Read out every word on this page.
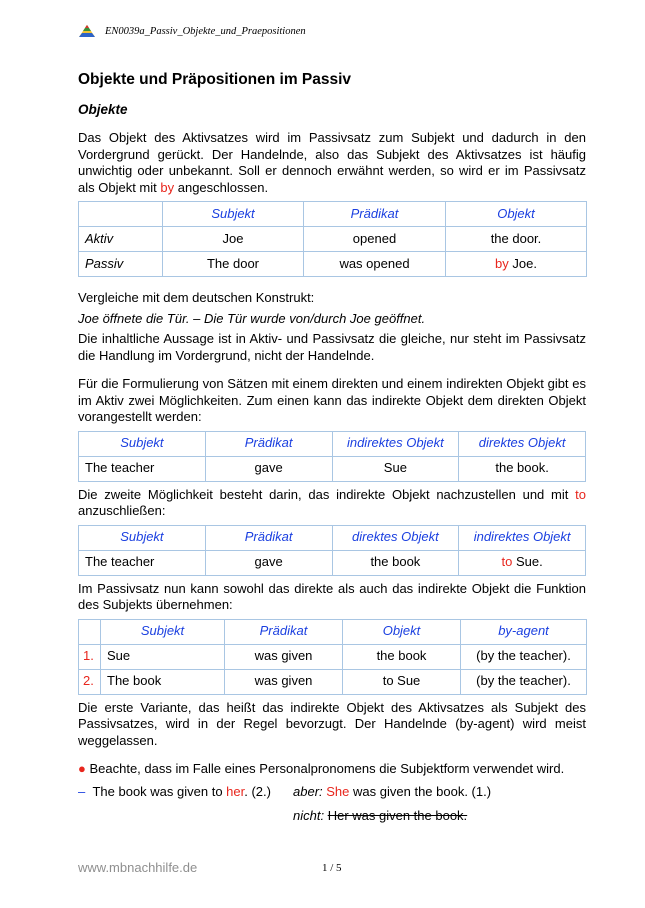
EN0039a_Passiv_Objekte_und_Praepositionen
Objekte und Präpositionen im Passiv
Objekte

Das Objekt des Aktivsatzes wird im Passivsatz zum Subjekt und dadurch in den Vordergrund gerückt. Der Handelnde, also das Subjekt des Aktivsatzes ist häufig unwichtig oder unbekannt. Soll er dennoch erwähnt werden, so wird er im Passivsatz als Objekt mit by angeschlossen.

	Subjekt	Prädikat	Objekt
Aktiv	Joe	opened	the door.
Passiv	The door	was opened	by Joe.

Vergleiche mit dem deutschen Konstrukt:

Joe öffnete die Tür. – Die Tür wurde von/durch Joe geöffnet.

Die inhaltliche Aussage ist in Aktiv- und Passivsatz die gleiche, nur steht im Passivsatz die Handlung im Vordergrund, nicht der Handelnde.

Für die Formulierung von Sätzen mit einem direkten und einem indirekten Objekt gibt es im Aktiv zwei Möglichkeiten. Zum einen kann das indirekte Objekt dem direkten Objekt vorangestellt werden:

Subjekt	Prädikat	indirektes Objekt	direktes Objekt
The teacher	gave	Sue	the book.

Die zweite Möglichkeit besteht darin, das indirekte Objekt nachzustellen und mit to anzuschließen:

Subjekt	Prädikat	direktes Objekt	indirektes Objekt
The teacher	gave	the book	to Sue.

Im Passivsatz nun kann sowohl das direkte als auch das indirekte Objekt die Funktion des Subjekts übernehmen:

	Subjekt	Prädikat	Objekt	by-agent
1.	Sue	was given	the book	(by the teacher).
2.	The book	was given	to Sue	(by the teacher).

Die erste Variante, das heißt das indirekte Objekt des Aktivsatzes als Subjekt des Passivsatzes, wird in der Regel bevorzugt. Der Handelnde (by-agent) wird meist weggelassen.

● Beachte, dass im Falle eines Personalpronomens die Subjektform verwendet wird.

– The book was given to her. (2.) aber: She was given the book. (1.)
nicht: Her was given the book.
www.mbnachhilfe.de	1 / 5
